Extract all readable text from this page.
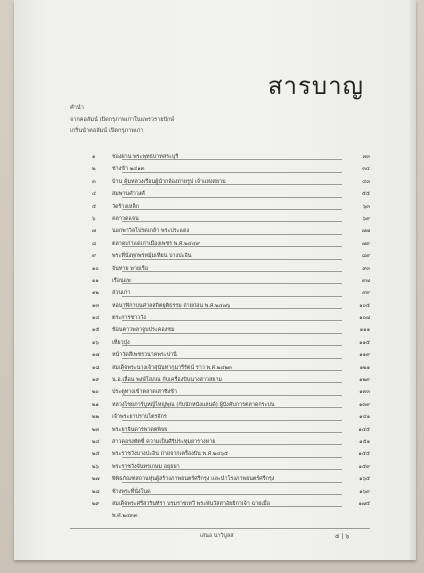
สารบาญ
คำนำ
จากคอลัมน์ เปิดกรุภาพเก่าในแพรวรายปักษ์
เกริ่นนำคอลัมน์ เปิดกรุภาพเก่า
๑	ช่องผ่าน พระพุทธบาทสระบุรี	๓๓
๒	ช่างข้า ๒๔๑๓	๓๔
๓	บ้าน คุ้มหลวงเรือนผู้นำกล้องถ่ายรูป เจ้าแห่งสยาม	๔๓
๔	สมพานคำวงศ์	๕๕
๕	วัดร้างเหล็ก	๖๓
๖	คลาวดแจน	๖๙
๗	นอกพาวิลโปรดเกล้า พระประแดง	๗๗
๘	ตลาดเก่าเเด่เก่าเมืองเพชร พ.ศ.๒๔๔๙	๗๙
๙	พระที่นั่งทุกพรหมุ้มเทียน บางปะอิน	๘๙
๑๐	จันทาย พายเรือ	๙๓
๑๑	เรือนแพ	๙๗
๑๒	ส่วนเก่า	๙๙
๑๓	หอนาฬิกาบนศาลสถิตยุติธรรม ถ่ายก่อน พ.ศ.๒๔๗๖	๑๐๕
๑๔	ตระการชาววัง	๑๐๗
๑๕	ช้อนตาวพลาจูบประคองชม	๑๑๑
๑๖	เที่ยวปุ่ง	๑๑๕
๑๗	หน้าวัดสีเพชรวนาคพระปานี	๑๑๙
๑๘	สมเด็จพระนางเจ้าสุนันทากุมารีรัตน์ ราว พ.ศ.๒๔๒๓	๑๒๑
๑๙	น.อ.เลื่อน พงษ์โสภณ กับเครื่องบินนางสาวสยาม	๑๒๙
๒๐	ประตูทางเข้าตลาดเสาชิงช้า	๑๓๓
๒๑	หลวงไชยภาร์บูหญ์ไหญ่พุณ (กับนักหนังแลนด์) ผู้บังคับการตลาดกระบน	๑๓๙
๒๒	เจ้าพระยาปราบไตรจักร	๑๔๑
๒๓	พระยาจินดารพาดตพิจย	๑๔๕
๒๔	สาวคอรงทัตซี่ ความเป็นศิริประทุมยารางหาย	๑๕๑
๒๕	พระราชวังบางปะอิน ถ่ายจากเครื่องบิน พ.ศ.๒๔๖๕	๑๕๕
๒๖	พระราชวังจันทรเกษม อยุธยา	๑๕๙
๒๗	พิพิธภัณฑสถานหุ่นผู้สร้างภาพยนตร์ศรีกรุง และนำโรงภาพยนตร์ศรีกรุง	๑๖๕
๒๘	ช้างพระที่นั่งโนด	๑๖๙
๒๙	สมเด็จพระศรีสวรินทิรา บรมราชเทวี พระพันวัสสาอัยยิกาเจ้า ฉายเมื่อ	๑๗๕
พ.ศ.๒๔๓๓
เสนอ นาวิบูลส	๕ | ๖
